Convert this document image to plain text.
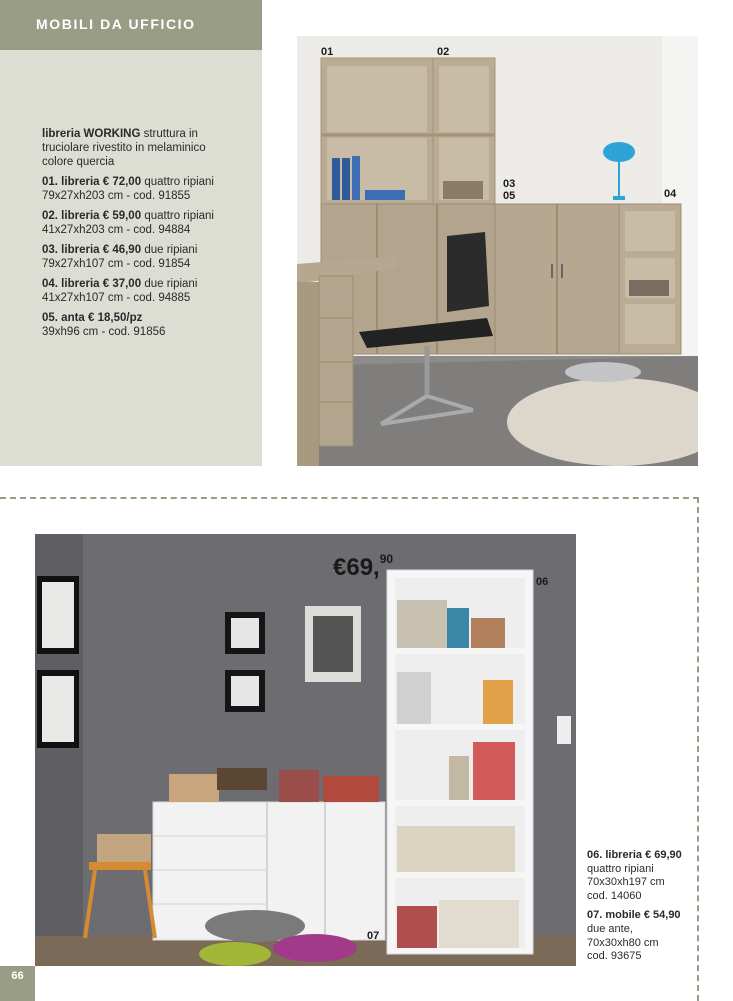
MOBILI DA UFFICIO

libreria WORKING struttura in truciolare rivestito in melaminico colore quercia

01. libreria € 72,00 quattro ripiani
79x27xh203 cm - cod. 91855

02. libreria € 59,00 quattro ripiani
41x27xh203 cm - cod. 94884

03. libreria € 46,90 due ripiani
79x27xh107 cm - cod. 91854

04. libreria € 37,00 due ripiani
41x27xh107 cm - cod. 94885

05. anta € 18,50/pz
39xh96 cm - cod. 91856

01	02
03
05	04
€69,90
06
07

06. libreria € 69,90
quattro ripiani
70x30xh197 cm
cod. 14060

07. mobile € 54,90
due ante,
70x30xh80 cm
cod. 93675

66
